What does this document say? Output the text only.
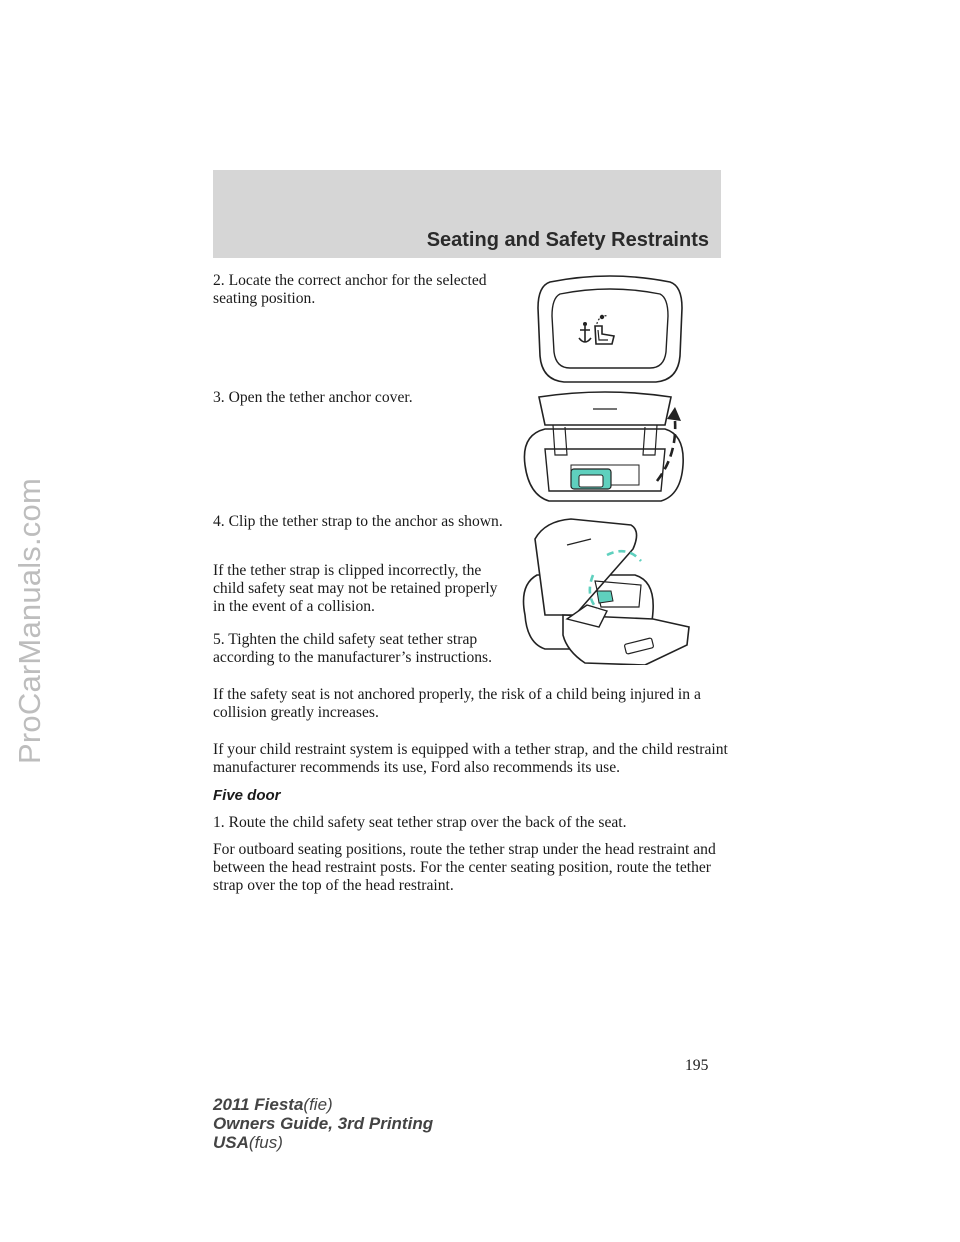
ProCarManuals.com
Seating and Safety Restraints

2. Locate the correct anchor for the selected seating position.

3. Open the tether anchor cover.

4. Clip the tether strap to the anchor as shown.

If the tether strap is clipped incorrectly, the child safety seat may not be retained properly in the event of a collision.

5. Tighten the child safety seat tether strap according to the manufacturer’s instructions.

If the safety seat is not anchored properly, the risk of a child being injured in a collision greatly increases.

If your child restraint system is equipped with a tether strap, and the child restraint manufacturer recommends its use, Ford also recommends its use.

Five door

1. Route the child safety seat tether strap over the back of the seat.

For outboard seating positions, route the tether strap under the head restraint and between the head restraint posts. For the center seating position, route the tether strap over the top of the head restraint.

195
2011 Fiesta(fie)
Owners Guide, 3rd Printing
USA(fus)
